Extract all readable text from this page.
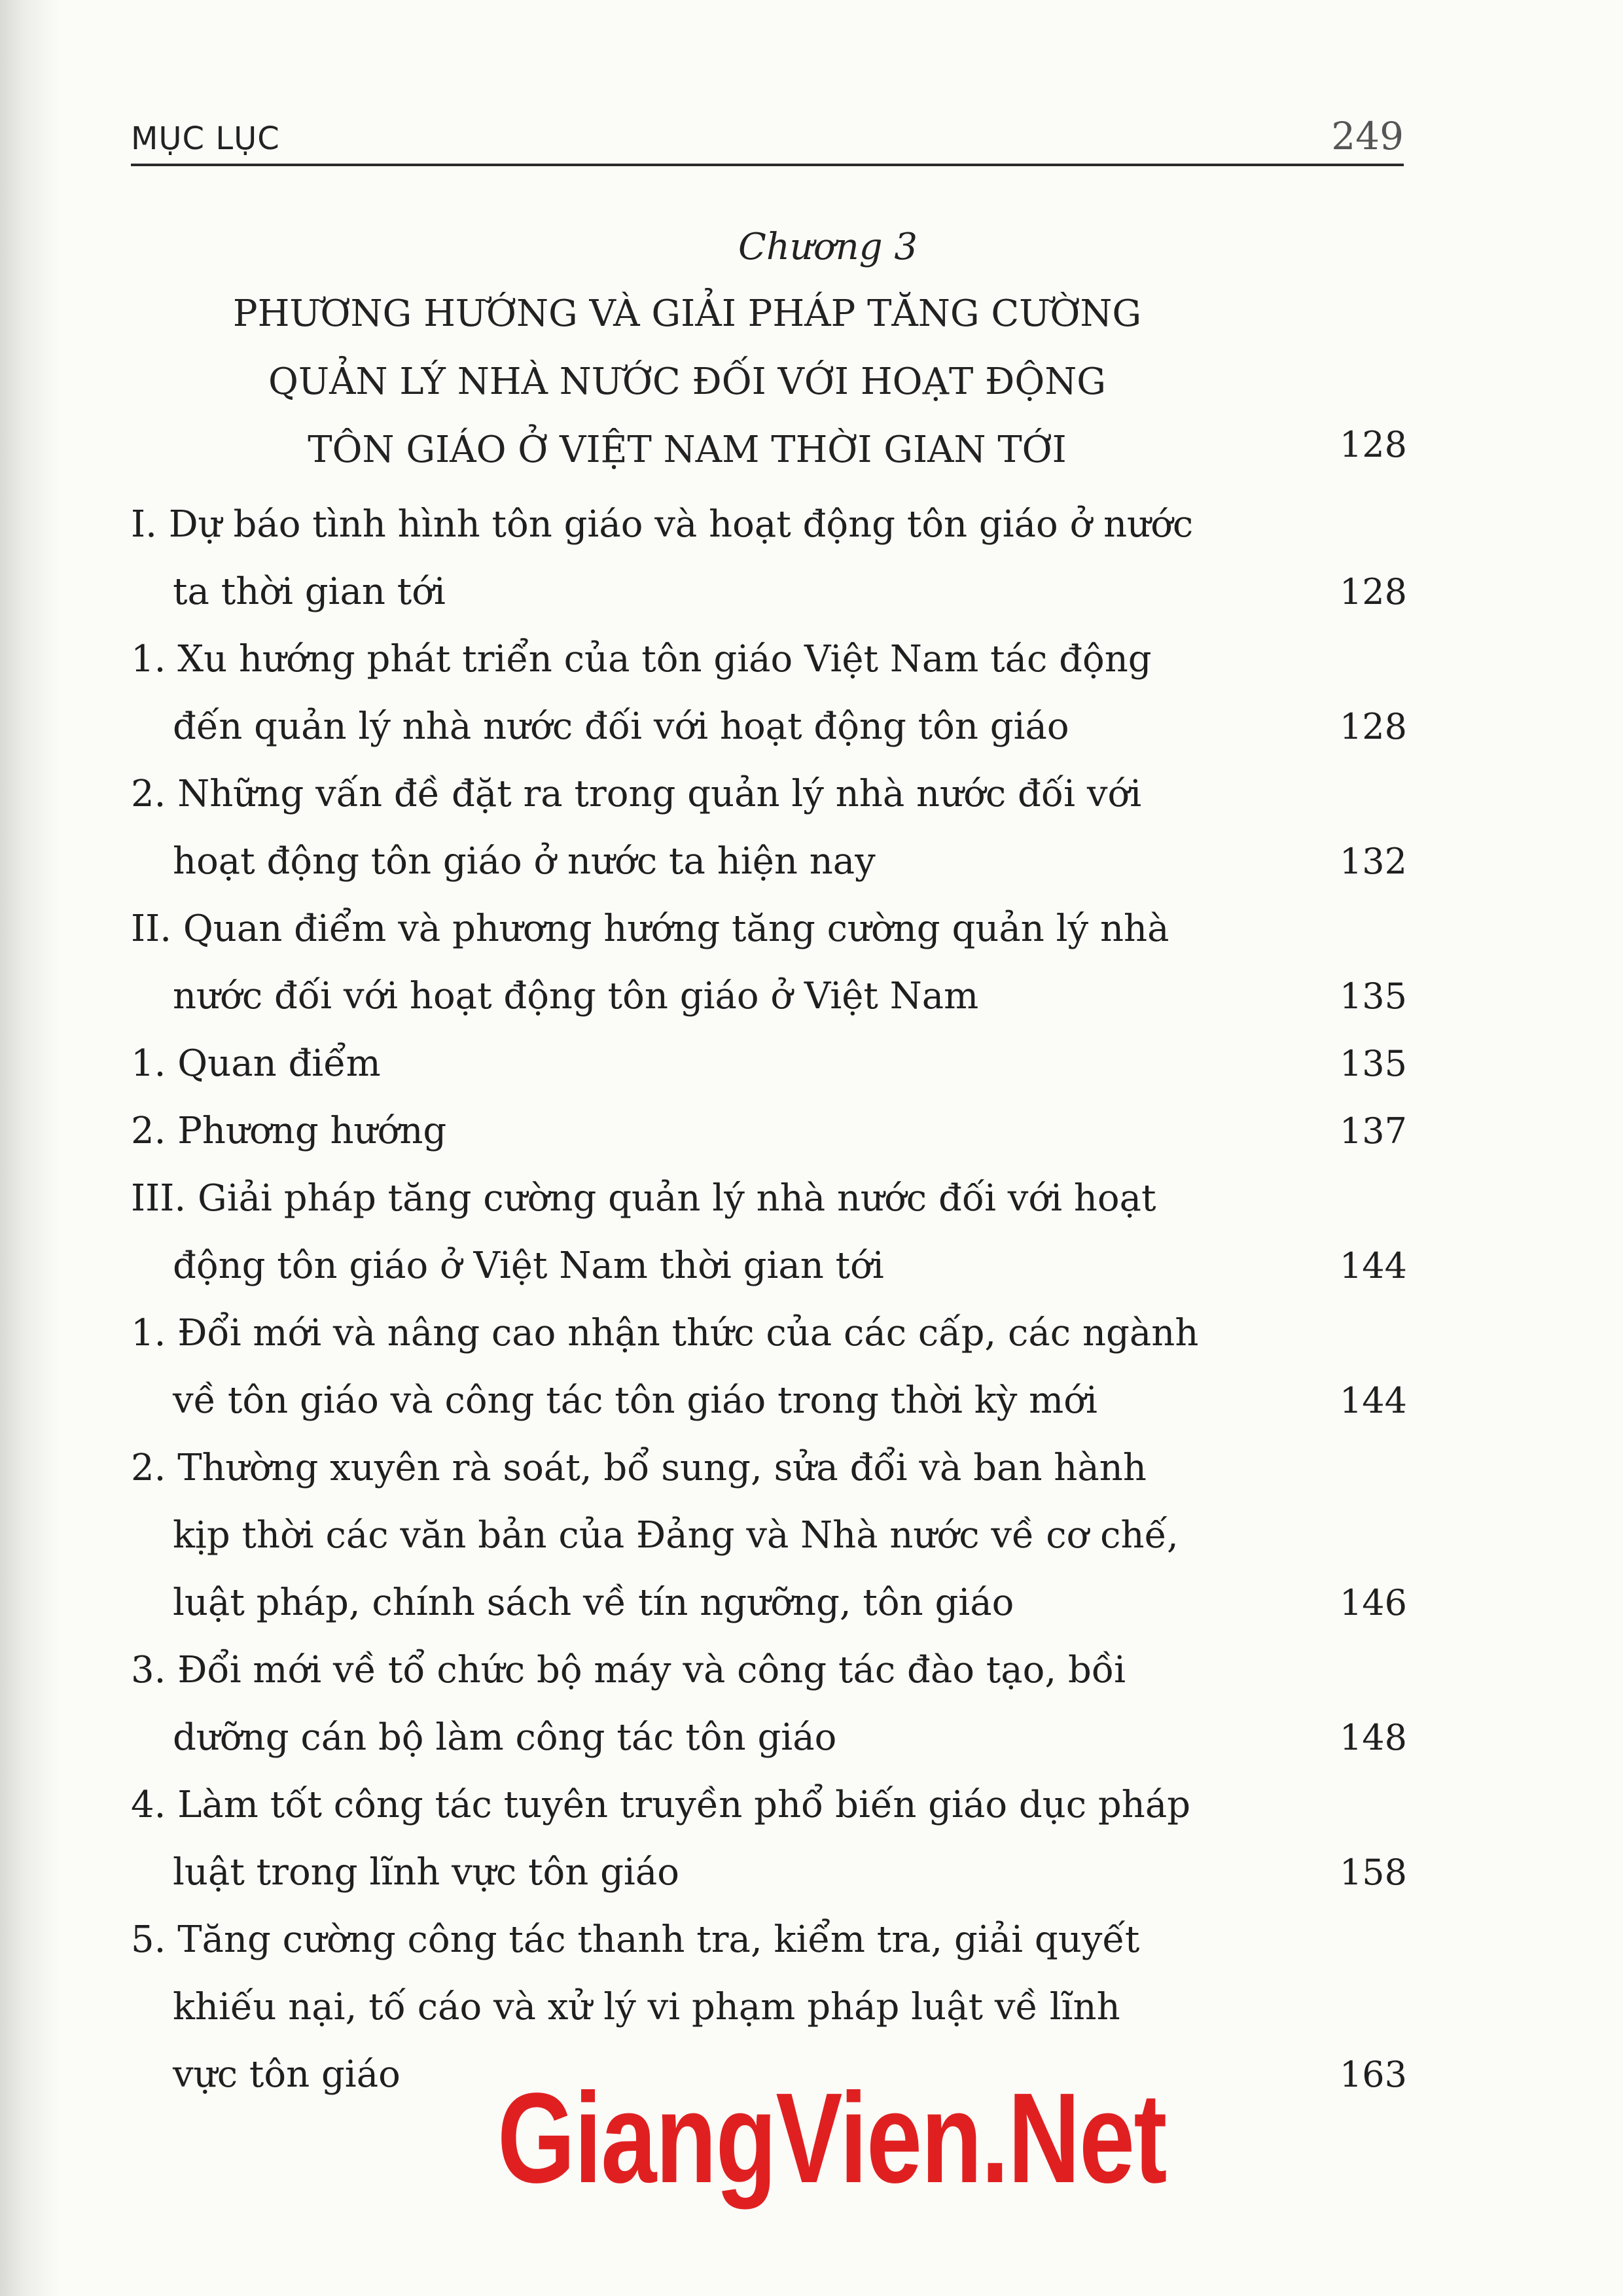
MỤC LỤC	249
Chương 3
PHƯƠNG HƯỚNG VÀ GIẢI PHÁP TĂNG CƯỜNG
QUẢN LÝ NHÀ NƯỚC ĐỐI VỚI HOẠT ĐỘNG
TÔN GIÁO Ở VIỆT NAM THỜI GIAN TỚI	128
I. Dự báo tình hình tôn giáo và hoạt động tôn giáo ở nước
ta thời gian tới	128
1. Xu hướng phát triển của tôn giáo Việt Nam tác động
đến quản lý nhà nước đối với hoạt động tôn giáo	128
2. Những vấn đề đặt ra trong quản lý nhà nước đối với
hoạt động tôn giáo ở nước ta hiện nay	132
II. Quan điểm và phương hướng tăng cường quản lý nhà
nước đối với hoạt động tôn giáo ở Việt Nam	135
1. Quan điểm	135
2. Phương hướng	137
III. Giải pháp tăng cường quản lý nhà nước đối với hoạt
động tôn giáo ở Việt Nam thời gian tới	144
1. Đổi mới và nâng cao nhận thức của các cấp, các ngành
về tôn giáo và công tác tôn giáo trong thời kỳ mới	144
2. Thường xuyên rà soát, bổ sung, sửa đổi và ban hành
kịp thời các văn bản của Đảng và Nhà nước về cơ chế,
luật pháp, chính sách về tín ngưỡng, tôn giáo	146
3. Đổi mới về tổ chức bộ máy và công tác đào tạo, bồi
dưỡng cán bộ làm công tác tôn giáo	148
4. Làm tốt công tác tuyên truyền phổ biến giáo dục pháp
luật trong lĩnh vực tôn giáo	158
5. Tăng cường công tác thanh tra, kiểm tra, giải quyết
khiếu nại, tố cáo và xử lý vi phạm pháp luật về lĩnh
vực tôn giáo	163
GiangVien.Net
